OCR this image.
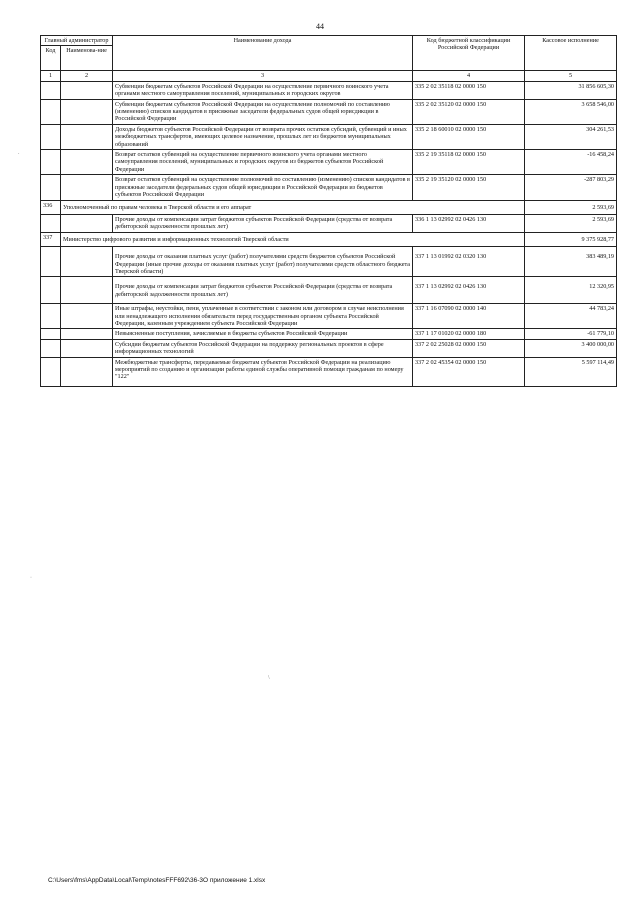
44
Главный администратор		Наименование дохода	Код бюджетной классификации Российской Федерации	Кассовое исполнение
Код	Наименова-ние			
1	2	3	4	5
		Субвенции бюджетам субъектов Российской Федерации на осуществление первичного воинского учета органами местного самоуправления поселений, муниципальных и городских округов	335 2 02 35118 02 0000 150	31 856 605,30
		Субвенции бюджетам субъектов Российской Федерации на осуществление полномочий по составлению (изменению) списков кандидатов в присяжные заседатели федеральных судов общей юрисдикции в Российской Федерации	335 2 02 35120 02 0000 150	3 658 546,00
		Доходы бюджетов субъектов Российской Федерации от возврата прочих остатков субсидий, субвенций и иных межбюджетных трансфертов, имеющих целевое назначение, прошлых лет из бюджетов муниципальных образований	335 2 18 60010 02 0000 150	304 261,53
		Возврат остатков субвенций на осуществление первичного воинского учета органами местного самоуправления поселений, муниципальных и городских округов из бюджетов субъектов Российской Федерации	335 2 19 35118 02 0000 150	-16 458,24
		Возврат остатков субвенций на осуществление полномочий по составлению (изменению) списков кандидатов в присяжные заседатели федеральных судов общей юрисдикции в Российской Федерации из бюджетов субъектов Российской Федерации	335 2 19 35120 02 0000 150	-287 803,29
336	Уполномоченный по правам человека в Тверской области и его аппарат			2 593,69
		Прочие доходы от компенсации затрат бюджетов субъектов Российской Федерации (средства от возврата дебиторской задолженности прошлых лет)	336 1 13 02992 02 0426 130	2 593,69
337	Министерство цифрового развития и информационных технологий Тверской области			9 375 928,77
		Прочие доходы от оказания платных услуг (работ) получателями средств бюджетов субъектов Российской Федерации (иные прочие доходы от оказания платных услуг (работ) получателями средств областного бюджета Тверской области)	337 1 13 01992 02 0320 130	383 489,19
		Прочие доходы от компенсации затрат бюджетов субъектов Российской Федерации (средства от возврата дебиторской задолженности прошлых лет)	337 1 13 02992 02 0426 130	12 320,95
		Иные штрафы, неустойки, пени, уплаченные в соответствии с законом или договором в случае неисполнения или ненадлежащего исполнения обязательств перед государственным органом субъекта Российской Федерации, казенным учреждением субъекта Российской Федерации	337 1 16 07090 02 0000 140	44 783,24
		Невыясненные поступления, зачисляемые в бюджеты субъектов Российской Федерации	337 1 17 01020 02 0000 180	-61 779,10
		Субсидии бюджетам субъектов Российской Федерации на поддержку региональных проектов в сфере информационных технологий	337 2 02 25028 02 0000 150	3 400 000,00
		Межбюджетные трансферты, передаваемые бюджетам субъектов Российской Федерации на реализацию мероприятий по созданию и организации работы единой службы оперативной помощи гражданам по номеру "122"	337 2 02 45354 02 0000 150	5 597 114,49
.
·
\
C:\Users\fms\AppData\Local\Temp\notesFFF692\36-3О приложение 1.xlsx
